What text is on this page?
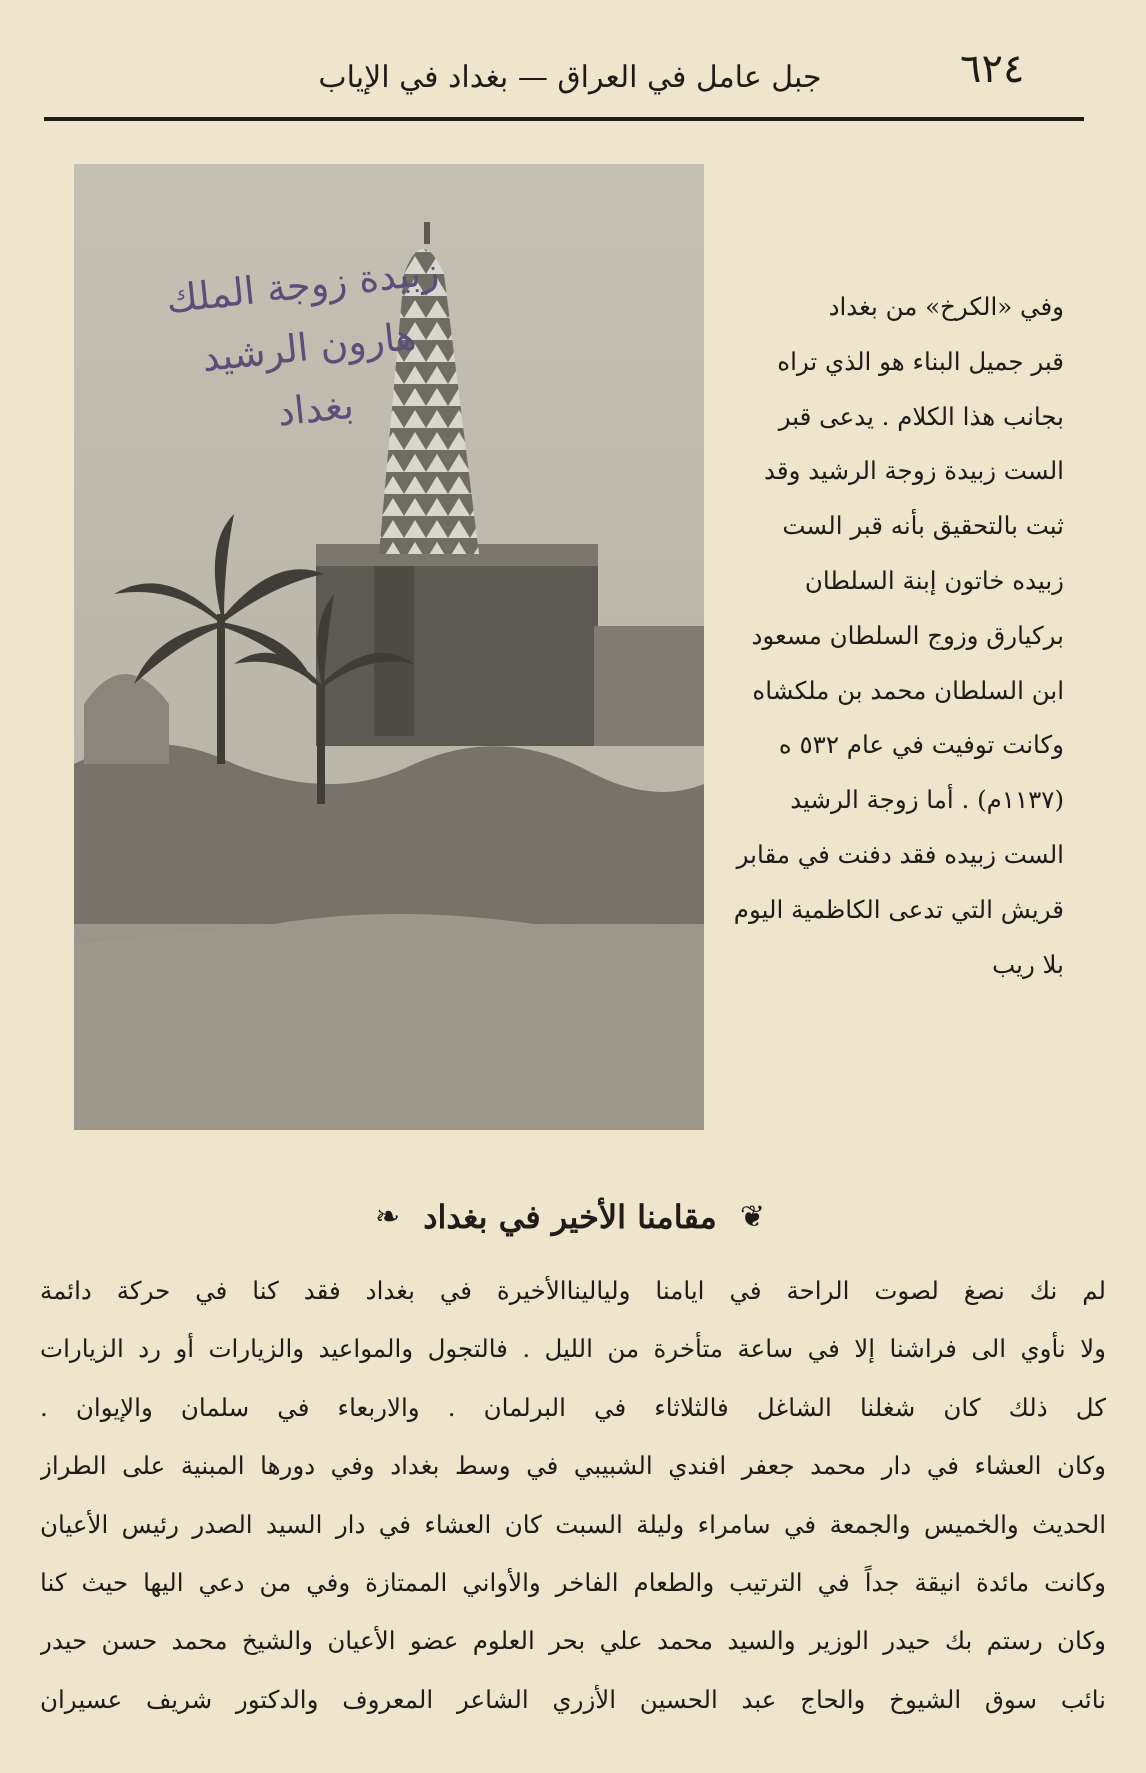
٦٢٤
جبل عامل في العراق — بغداد في الإياب
زبيدة زوجة الملك
هارون الرشيد
بغداد
وفي «الكرخ» من بغداد
قبر جميل البناء هو الذي تراه
بجانب هذا الكلام . يدعى قبر
الست زبيدة زوجة الرشيد وقد
ثبت بالتحقيق بأنه قبر الست
زبيده خاتون إبنة السلطان
بركيارق وزوج السلطان مسعود
ابن السلطان محمد بن ملكشاه
وكانت توفيت في عام ٥٣٢ ه
(١١٣٧م) . أما زوجة الرشيد
الست زبيده فقد دفنت في مقابر
قريش التي تدعى الكاظمية اليوم
بلا ريب
❦ مقامنا الأخير في بغداد ❧
لم نك نصغ لصوت الراحة في ايامنا ولياليناالأخيرة في بغداد فقد كنا في حركة دائمة
ولا نأوي الى فراشنا إلا في ساعة متأخرة من الليل . فالتجول والمواعيد والزيارات أو رد الزيارات
كل ذلك كان شغلنا الشاغل فالثلاثاء في البرلمان . والاربعاء في سلمان والإيوان .
وكان العشاء في دار محمد جعفر افندي الشبيبي في وسط بغداد وفي دورها المبنية على الطراز
الحديث والخميس والجمعة في سامراء وليلة السبت كان العشاء في دار السيد الصدر رئيس الأعيان
وكانت مائدة انيقة جداً في الترتيب والطعام الفاخر والأواني الممتازة وفي من دعي اليها حيث كنا
وكان رستم بك حيدر الوزير والسيد محمد علي بحر العلوم عضو الأعيان والشيخ محمد حسن حيدر
نائب سوق الشيوخ والحاج عبد الحسين الأزري الشاعر المعروف والدكتور شريف عسيران
